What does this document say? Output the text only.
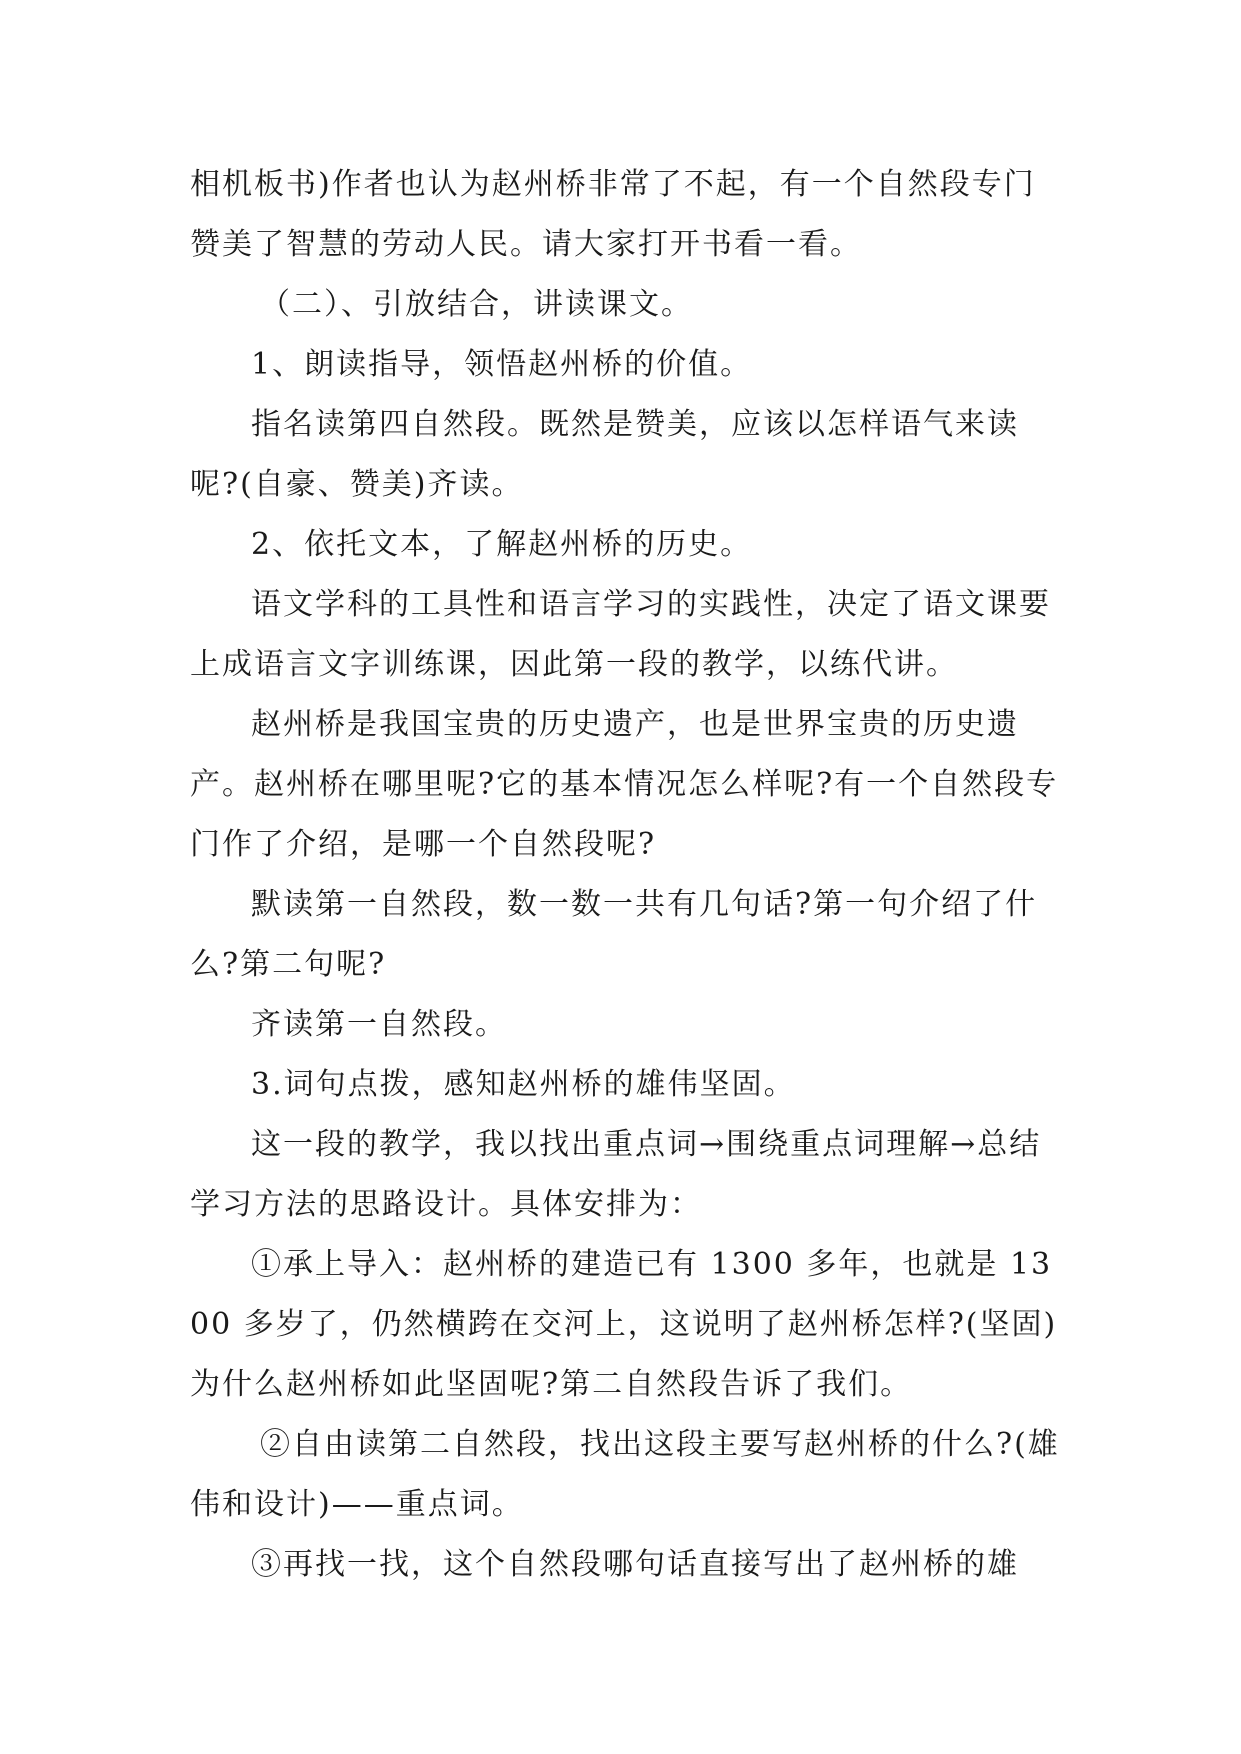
相机板书)作者也认为赵州桥非常了不起，有一个自然段专门赞美了智慧的劳动人民。请大家打开书看一看。

（二）、引放结合，讲读课文。

1、朗读指导，领悟赵州桥的价值。

指名读第四自然段。既然是赞美，应该以怎样语气来读呢?(自豪、赞美)齐读。

2、依托文本，了解赵州桥的历史。

语文学科的工具性和语言学习的实践性，决定了语文课要上成语言文字训练课，因此第一段的教学，以练代讲。

赵州桥是我国宝贵的历史遗产，也是世界宝贵的历史遗产。赵州桥在哪里呢?它的基本情况怎么样呢?有一个自然段专门作了介绍，是哪一个自然段呢?

默读第一自然段，数一数一共有几句话?第一句介绍了什么?第二句呢?

齐读第一自然段。

3.词句点拨，感知赵州桥的雄伟坚固。

这一段的教学，我以找出重点词→围绕重点词理解→总结学习方法的思路设计。具体安排为：

①承上导入：赵州桥的建造已有 1300 多年，也就是 1300 多岁了，仍然横跨在交河上，这说明了赵州桥怎样?(坚固)为什么赵州桥如此坚固呢?第二自然段告诉了我们。

②自由读第二自然段，找出这段主要写赵州桥的什么?(雄伟和设计)——重点词。

③再找一找，这个自然段哪句话直接写出了赵州桥的雄
